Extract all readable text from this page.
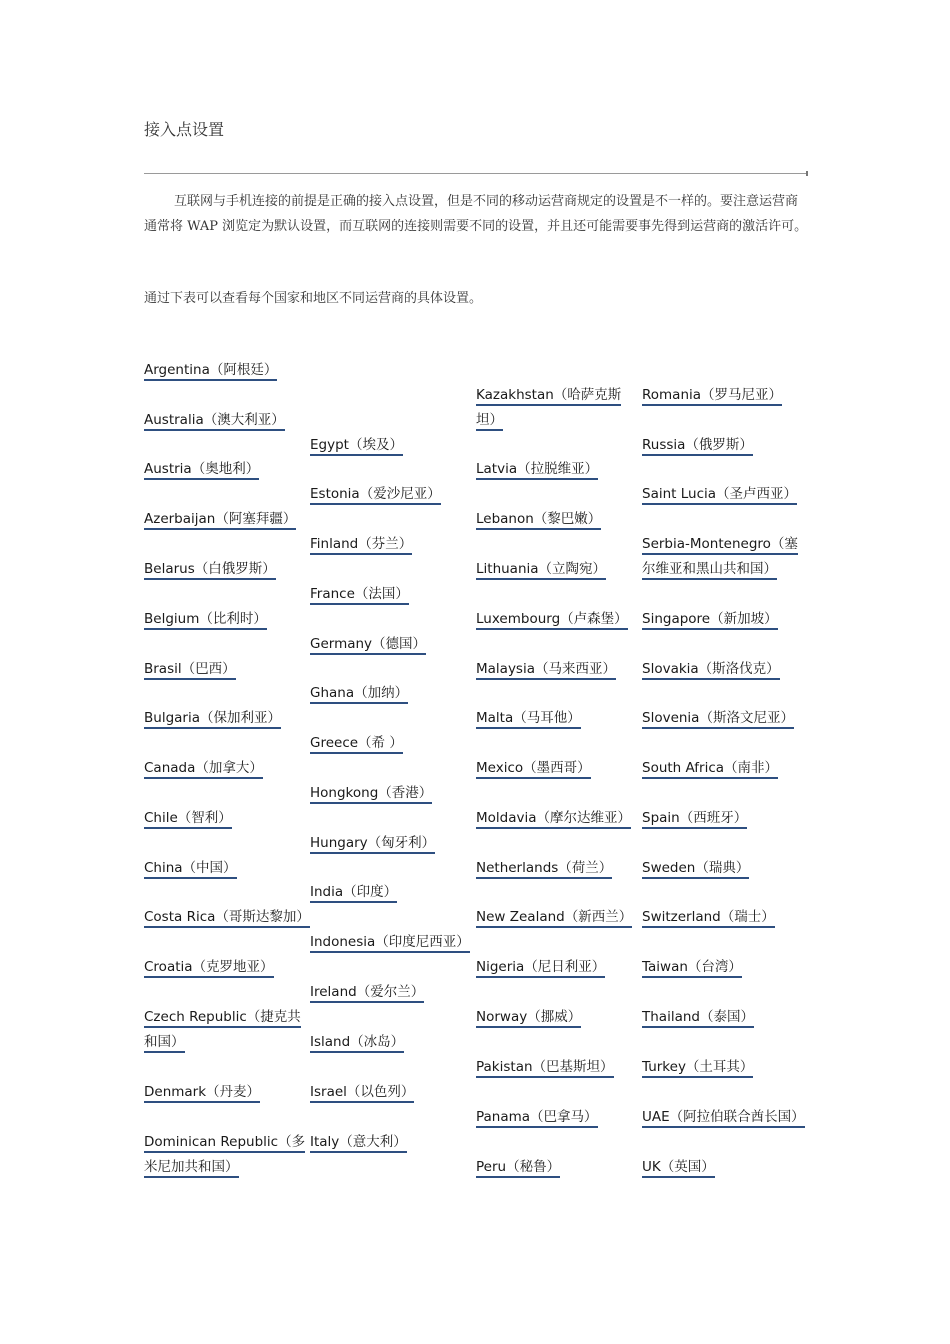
接入点设置

互联网与手机连接的前提是正确的接入点设置，但是不同的移动运营商规定的设置是不一样的。要注意运营商通常将 WAP 浏览定为默认设置，而互联网的连接则需要不同的设置，并且还可能需要事先得到运营商的激活许可。

通过下表可以查看每个国家和地区不同运营商的具体设置。

Argentina（阿根廷）
Australia（澳大利亚）
Austria（奥地利）
Azerbaijan（阿塞拜疆）
Belarus（白俄罗斯）
Belgium（比利时）
Brasil（巴西）
Bulgaria（保加利亚）
Canada（加拿大）
Chile（智利）
China（中国）
Costa Rica（哥斯达黎加）
Croatia（克罗地亚）
Czech Republic（捷克共和国）
Denmark（丹麦）
Dominican Republic（多米尼加共和国）
Egypt（埃及）
Estonia（爱沙尼亚）
Finland（芬兰）
France（法国）
Germany（德国）
Ghana（加纳）
Greece（希 ）
Hongkong（香港）
Hungary（匈牙利）
India（印度）
Indonesia（印度尼西亚）
Ireland（爱尔兰）
Island（冰岛）
Israel（以色列）
Italy（意大利）
Kazakhstan（哈萨克斯坦）
Latvia（拉脱维亚）
Lebanon（黎巴嫩）
Lithuania（立陶宛）
Luxembourg（卢森堡）
Malaysia（马来西亚）
Malta（马耳他）
Mexico（墨西哥）
Moldavia（摩尔达维亚）
Netherlands（荷兰）
New Zealand（新西兰）
Nigeria（尼日利亚）
Norway（挪威）
Pakistan（巴基斯坦）
Panama（巴拿马）
Peru（秘鲁）
Romania（罗马尼亚）
Russia（俄罗斯）
Saint Lucia（圣卢西亚）
Serbia-Montenegro（塞尔维亚和黑山共和国）
Singapore（新加坡）
Slovakia（斯洛伐克）
Slovenia（斯洛文尼亚）
South Africa（南非）
Spain（西班牙）
Sweden（瑞典）
Switzerland（瑞士）
Taiwan（台湾）
Thailand（泰国）
Turkey（土耳其）
UAE（阿拉伯联合酋长国）
UK（英国）
